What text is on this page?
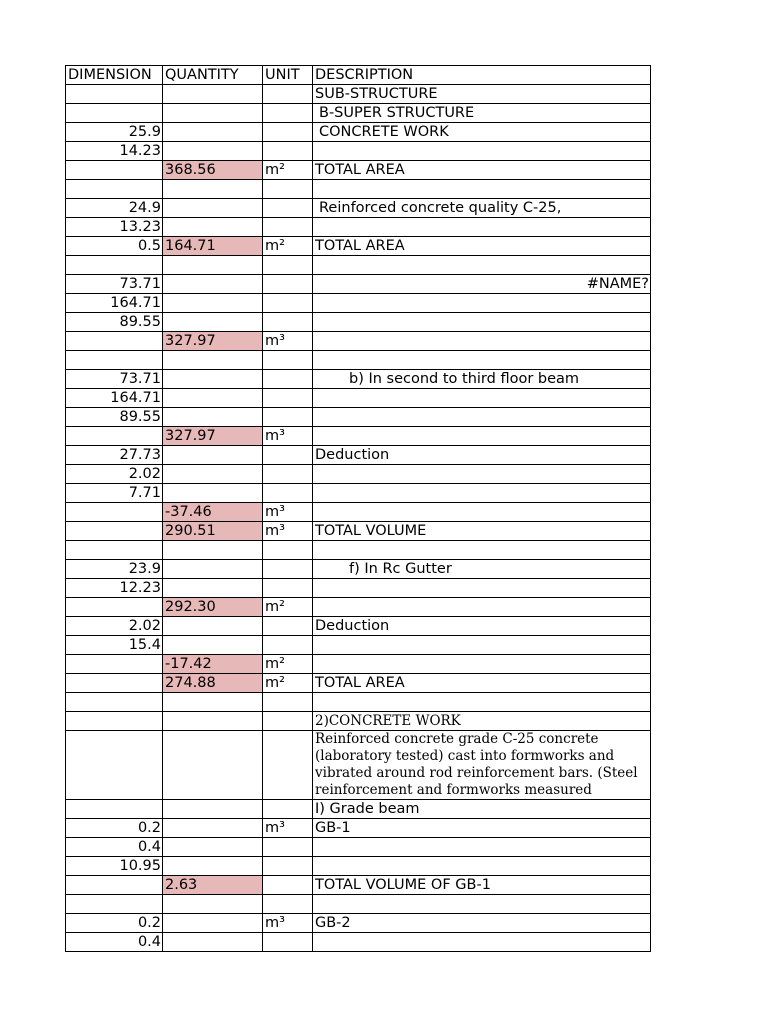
DIMENSION	QUANTITY	UNIT	DESCRIPTION
			SUB-STRUCTURE
			B-SUPER STRUCTURE
25.9			CONCRETE WORK
14.23			
	368.56	m²	TOTAL AREA

24.9			Reinforced concrete quality C-25,
13.23			
0.5	164.71	m²	TOTAL AREA

73.71			#NAME?
164.71			
89.55			
	327.97	m³	

73.71			b) In second to third floor beam
164.71			
89.55			
	327.97	m³	
27.73			Deduction
2.02			
7.71			
	-37.46	m³	
	290.51	m³	TOTAL VOLUME

23.9			f) In Rc Gutter
12.23			
	292.30	m²	
2.02			Deduction
15.4			
	-17.42	m²	
	274.88	m²	TOTAL AREA

			2)CONCRETE WORK
			Reinforced concrete grade C-25 concrete (laboratory tested) cast into formworks and vibrated around rod reinforcement bars. (Steel reinforcement and formworks measured
			I) Grade beam
0.2		m³	GB-1
0.4			
10.95			
	2.63		TOTAL VOLUME OF GB-1

0.2		m³	GB-2
0.4			
